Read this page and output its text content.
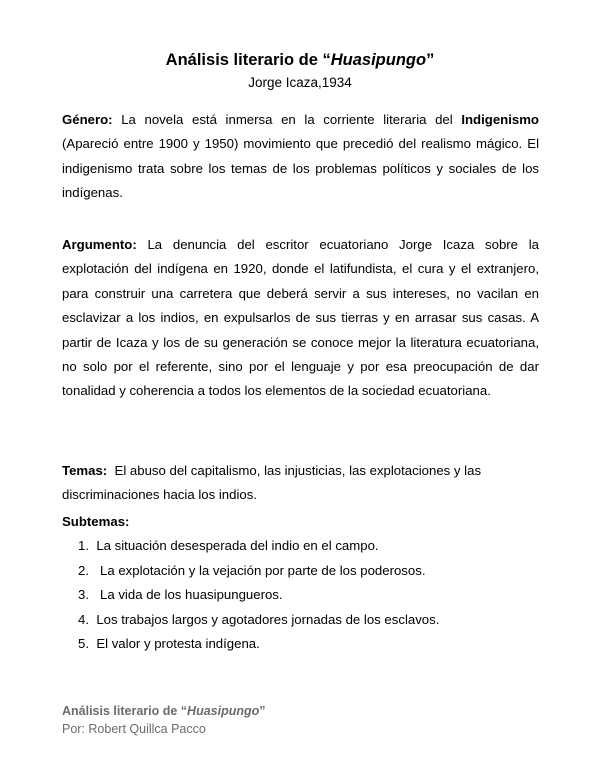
Análisis literario de “Huasipungo”
Jorge Icaza,1934
Género: La novela está inmersa en la corriente literaria del Indigenismo (Apareció entre 1900 y 1950) movimiento que precedió del realismo mágico. El indigenismo trata sobre los temas de los problemas políticos y sociales de los indígenas.
Argumento: La denuncia del escritor ecuatoriano Jorge Icaza sobre la explotación del indígena en 1920, donde el latifundista, el cura y el extranjero, para construir una carretera que deberá servir a sus intereses, no vacilan en esclavizar a los indios, en expulsarlos de sus tierras y en arrasar sus casas. A partir de Icaza y los de su generación se conoce mejor la literatura ecuatoriana, no solo por el referente, sino por el lenguaje y por esa preocupación de dar tonalidad y coherencia a todos los elementos de la sociedad ecuatoriana.
Temas:  El abuso del capitalismo, las injusticias, las explotaciones y las discriminaciones hacia los indios.
Subtemas:
1. La situación desesperada del indio en el campo.
2. La explotación y la vejación por parte de los poderosos.
3. La vida de los huasipungueros.
4. Los trabajos largos y agotadores jornadas de los esclavos.
5. El valor y protesta indígena.
Análisis literario de “Huasipungo”
Por: Robert Quillca Pacco
